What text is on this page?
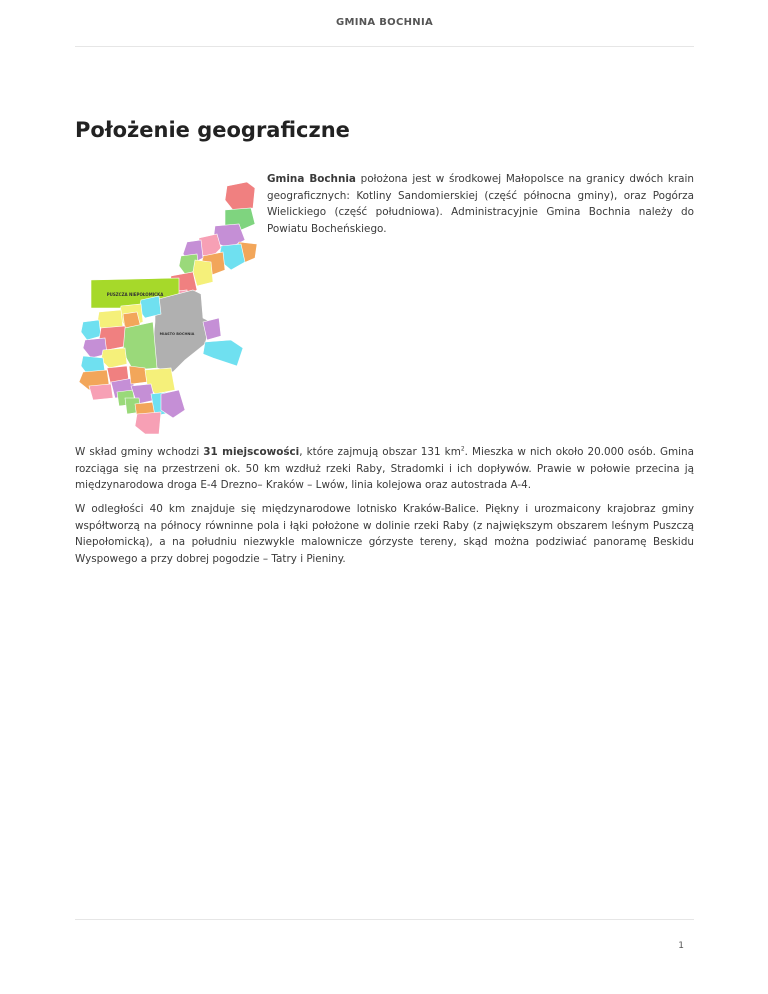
GMINA BOCHNIA
Położenie geograficzne
PUSZCZA NIEPOŁOMICKA
MIASTO BOCHNIA

Gmina Bochnia położona jest w środkowej Małopolsce na granicy dwóch krain geograficznych: Kotliny Sandomierskiej (część północna gminy), oraz Pogórza Wielickiego (część południowa). Administracyjnie Gmina Bochnia należy do Powiatu Bocheńskiego.

W skład gminy wchodzi 31 miejscowości, które zajmują obszar 131 $km^2$. Mieszka w nich około 20.000 osób. Gmina rozciąga się na przestrzeni ok. 50 km wzdłuż rzeki Raby, Stradomki i ich dopływów. Prawie w połowie przecina ją międzynarodowa droga E-4 Drezno– Kraków – Lwów, linia kolejowa oraz autostrada A-4.

W odległości 40 km znajduje się międzynarodowe lotnisko Kraków-Balice. Piękny i urozmaicony krajobraz gminy współtworzą na północy równinne pola i łąki położone w dolinie rzeki Raby (z największym obszarem leśnym Puszczą Niepołomicką), a na południu niezwykle malownicze górzyste tereny, skąd można podziwiać panoramę Beskidu Wyspowego a przy dobrej pogodzie – Tatry i Pieniny.

1
